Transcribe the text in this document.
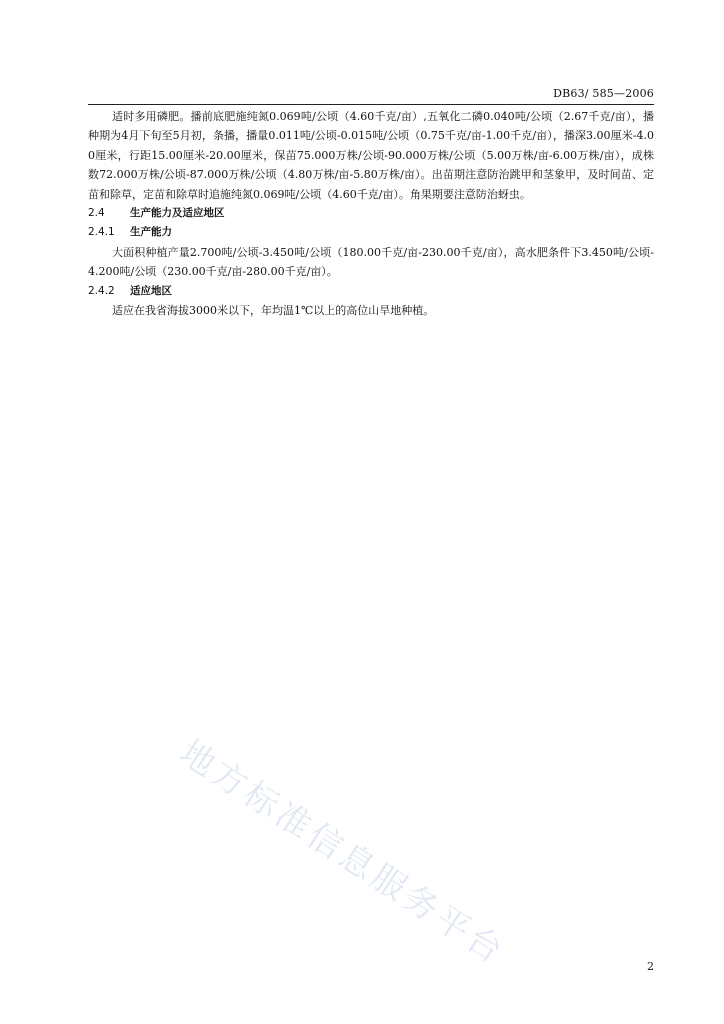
DB63/ 585—2006

适时多用磷肥。播前底肥施纯氮0.069吨/公顷（4.60千克/亩）,五氧化二磷0.040吨/公顷（2.67千克/亩），播种期为4月下旬至5月初，条播，播量0.011吨/公顷-0.015吨/公顷（0.75千克/亩-1.00千克/亩），播深3.00厘米-4.00厘米，行距15.00厘米-20.00厘米，保苗75.000万株/公顷-90.000万株/公顷（5.00万株/亩-6.00万株/亩），成株数72.000万株/公顷-87.000万株/公顷（4.80万株/亩-5.80万株/亩）。出苗期注意防治跳甲和茎象甲，及时间苗、定苗和除草，定苗和除草时追施纯氮0.069吨/公顷（4.60千克/亩）。角果期要注意防治蚜虫。

2.4 生产能力及适应地区

2.4.1 生产能力

大面积种植产量2.700吨/公顷-3.450吨/公顷（180.00千克/亩-230.00千克/亩），高水肥条件下3.450吨/公顷-4.200吨/公顷（230.00千克/亩-280.00千克/亩）。

2.4.2 适应地区

适应在我省海拔3000米以下，年均温1℃以上的高位山旱地种植。

地方标准信息服务平台	2
